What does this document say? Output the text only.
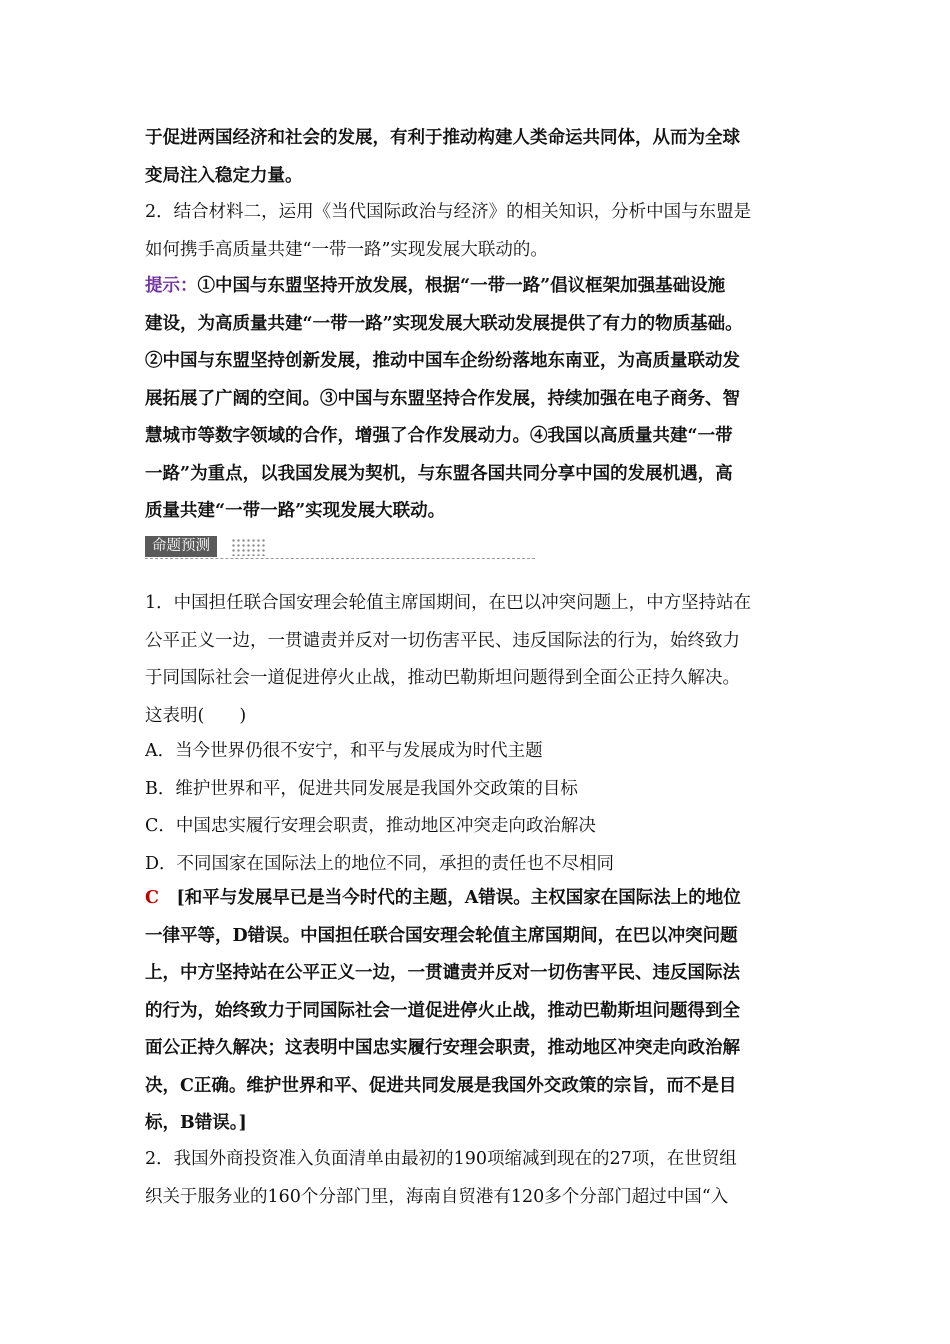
于促进两国经济和社会的发展，有利于推动构建人类命运共同体，从而为全球
变局注入稳定力量。
2．结合材料二，运用《当代国际政治与经济》的相关知识，分析中国与东盟是
如何携手高质量共建“一带一路”实现发展大联动的。
提示：①中国与东盟坚持开放发展，根据“一带一路”倡议框架加强基础设施
建设，为高质量共建“一带一路”实现发展大联动发展提供了有力的物质基础。
②中国与东盟坚持创新发展，推动中国车企纷纷落地东南亚，为高质量联动发
展拓展了广阔的空间。③中国与东盟坚持合作发展，持续加强在电子商务、智
慧城市等数字领域的合作，增强了合作发展动力。④我国以高质量共建“一带
一路”为重点，以我国发展为契机，与东盟各国共同分享中国的发展机遇，高
质量共建“一带一路”实现发展大联动。
命题预测
1．中国担任联合国安理会轮值主席国期间，在巴以冲突问题上，中方坚持站在
公平正义一边，一贯谴责并反对一切伤害平民、违反国际法的行为，始终致力
于同国际社会一道促进停火止战，推动巴勒斯坦问题得到全面公正持久解决。
这表明(　　)
A．当今世界仍很不安宁，和平与发展成为时代主题
B．维护世界和平，促进共同发展是我国外交政策的目标
C．中国忠实履行安理会职责，推动地区冲突走向政治解决
D．不同国家在国际法上的地位不同，承担的责任也不尽相同
C　 [和平与发展早已是当今时代的主题，A错误。主权国家在国际法上的地位
一律平等，D错误。中国担任联合国安理会轮值主席国期间，在巴以冲突问题
上，中方坚持站在公平正义一边，一贯谴责并反对一切伤害平民、违反国际法
的行为，始终致力于同国际社会一道促进停火止战，推动巴勒斯坦问题得到全
面公正持久解决；这表明中国忠实履行安理会职责，推动地区冲突走向政治解
决，C正确。维护世界和平、促进共同发展是我国外交政策的宗旨，而不是目
标，B错误。]
2．我国外商投资准入负面清单由最初的190项缩减到现在的27项，在世贸组
织关于服务业的160个分部门里，海南自贸港有120多个分部门超过中国“入
